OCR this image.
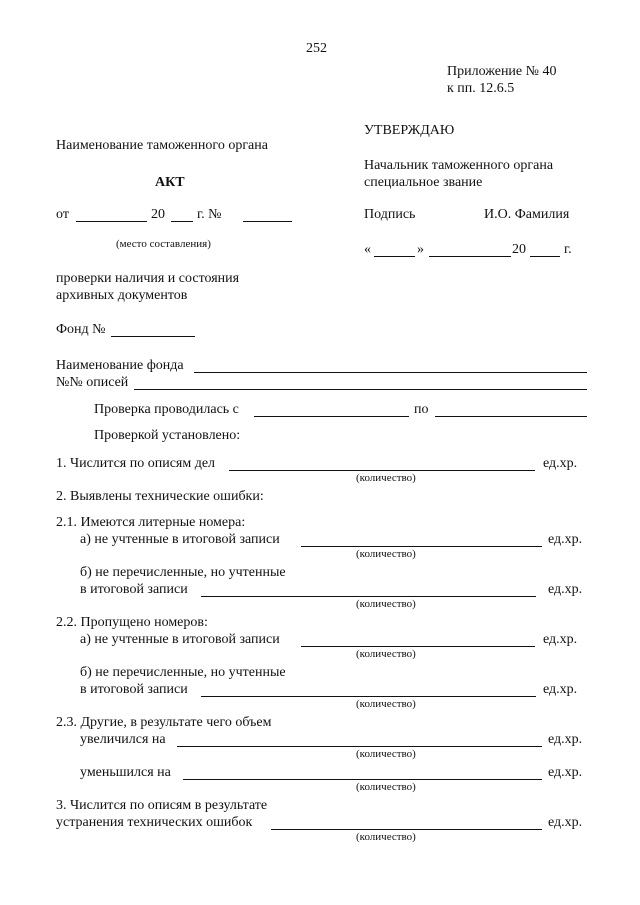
252
Приложение № 40
к пп. 12.6.5
УТВЕРЖДАЮ
Начальник таможенного органа
специальное звание
Подпись	И.О. Фамилия
«	»	20	г.
Наименование таможенного органа
АКТ
от	20 г. №
(место составления)
проверки наличия и состояния
архивных документов
Фонд №
Наименование фонда
№№ описей
Проверка проводилась с	по
Проверкой установлено:
1. Числится по описям дел	ед.хр.
(количество)
2. Выявлены технические ошибки:
2.1. Имеются литерные номера:
а) не учтенные в итоговой записи	ед.хр.
(количество)
б) не перечисленные, но учтенные
в итоговой записи	ед.хр.
(количество)
2.2. Пропущено номеров:
а) не учтенные в итоговой записи	ед.хр.
(количество)
б) не перечисленные, но учтенные
в итоговой записи	ед.хр.
(количество)
2.3. Другие, в результате чего объем
увеличился на	ед.хр.
(количество)
уменьшился на	ед.хр.
(количество)
3. Числится по описям в результате
устранения технических ошибок	ед.хр.
(количество)
